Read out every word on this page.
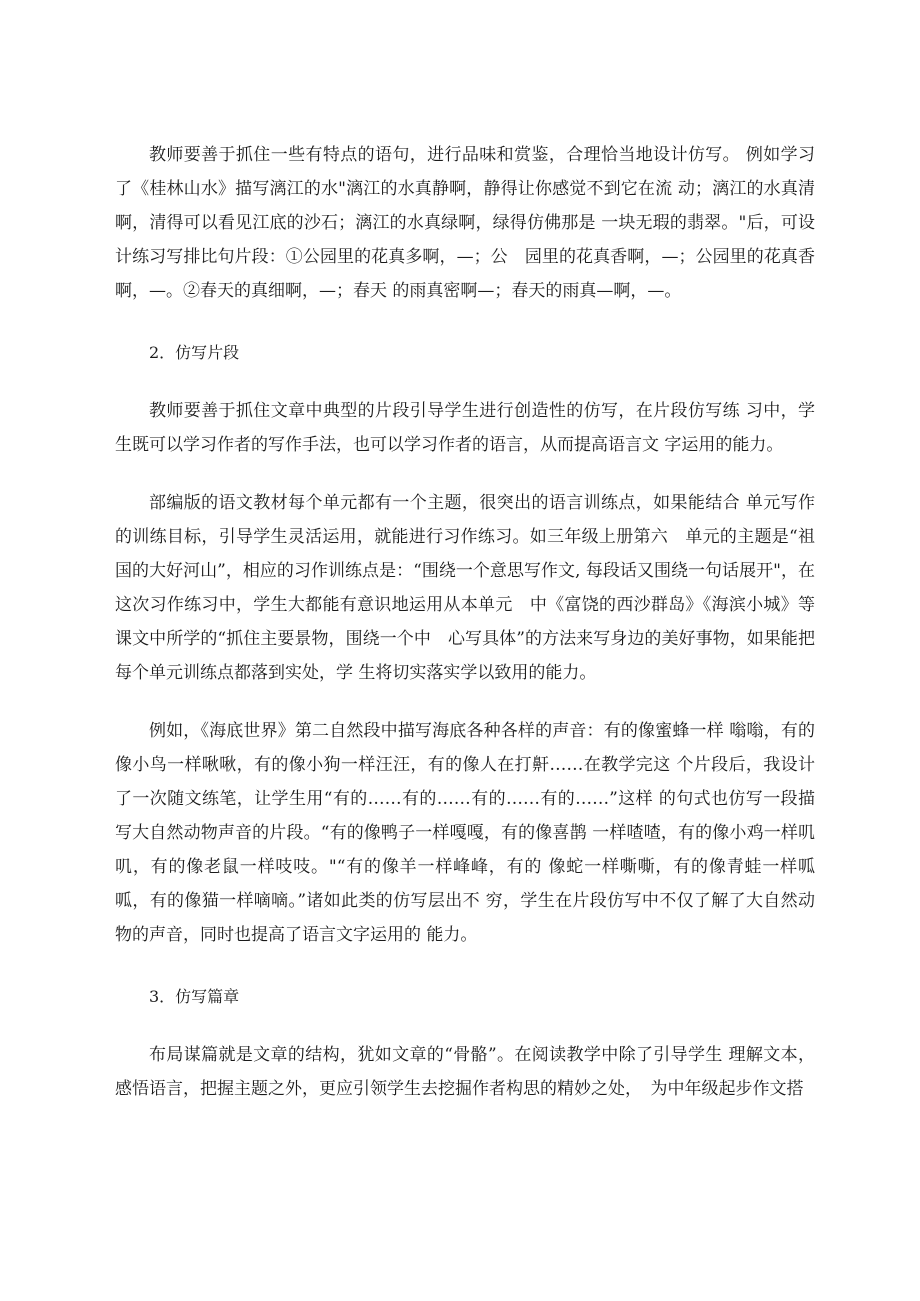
教师要善于抓住一些有特点的语句，进行品味和赏鉴，合理恰当地设计仿写。 例如学习了《桂林山水》描写漓江的水"漓江的水真静啊，静得让你感觉不到它在流 动；漓江的水真清啊，清得可以看见江底的沙石；漓江的水真绿啊，绿得仿佛那是 一块无瑕的翡翠。"后，可设计练习写排比句片段：①公园里的花真多啊，—；公　园里的花真香啊，—；公园里的花真香啊，—。②春天的真细啊，—；春天 的雨真密啊—；春天的雨真—啊，—。

2．仿写片段

教师要善于抓住文章中典型的片段引导学生进行创造性的仿写，在片段仿写练 习中，学生既可以学习作者的写作手法，也可以学习作者的语言，从而提高语言文 字运用的能力。

部编版的语文教材每个单元都有一个主题，很突出的语言训练点，如果能结合 单元写作的训练目标，引导学生灵活运用，就能进行习作练习。如三年级上册第六　单元的主题是“祖国的大好河山”，相应的习作训练点是：“围绕一个意思写作文, 每段话又围绕一句话展开"，在这次习作练习中，学生大都能有意识地运用从本单元　中《富饶的西沙群岛》《海滨小城》等课文中所学的“抓住主要景物，围绕一个中　心写具体”的方法来写身边的美好事物，如果能把每个单元训练点都落到实处，学 生将切实落实学以致用的能力。

例如，《海底世界》第二自然段中描写海底各种各样的声音：有的像蜜蜂一样 嗡嗡，有的像小鸟一样啾啾，有的像小狗一样汪汪，有的像人在打鼾……在教学完这 个片段后，我设计了一次随文练笔，让学生用“有的……有的……有的……有的……”这样 的句式也仿写一段描写大自然动物声音的片段。“有的像鸭子一样嘎嘎，有的像喜鹊 一样喳喳，有的像小鸡一样叽叽，有的像老鼠一样吱吱。"“有的像羊一样峰峰，有的 像蛇一样嘶嘶，有的像青蛙一样呱呱，有的像猫一样嘀嘀。”诸如此类的仿写层出不 穷，学生在片段仿写中不仅了解了大自然动物的声音，同时也提高了语言文字运用的 能力。

3．仿写篇章

布局谋篇就是文章的结构，犹如文章的“骨骼”。在阅读教学中除了引导学生 理解文本，感悟语言，把握主题之外，更应引领学生去挖掘作者构思的精妙之处，　为中年级起步作文搭
